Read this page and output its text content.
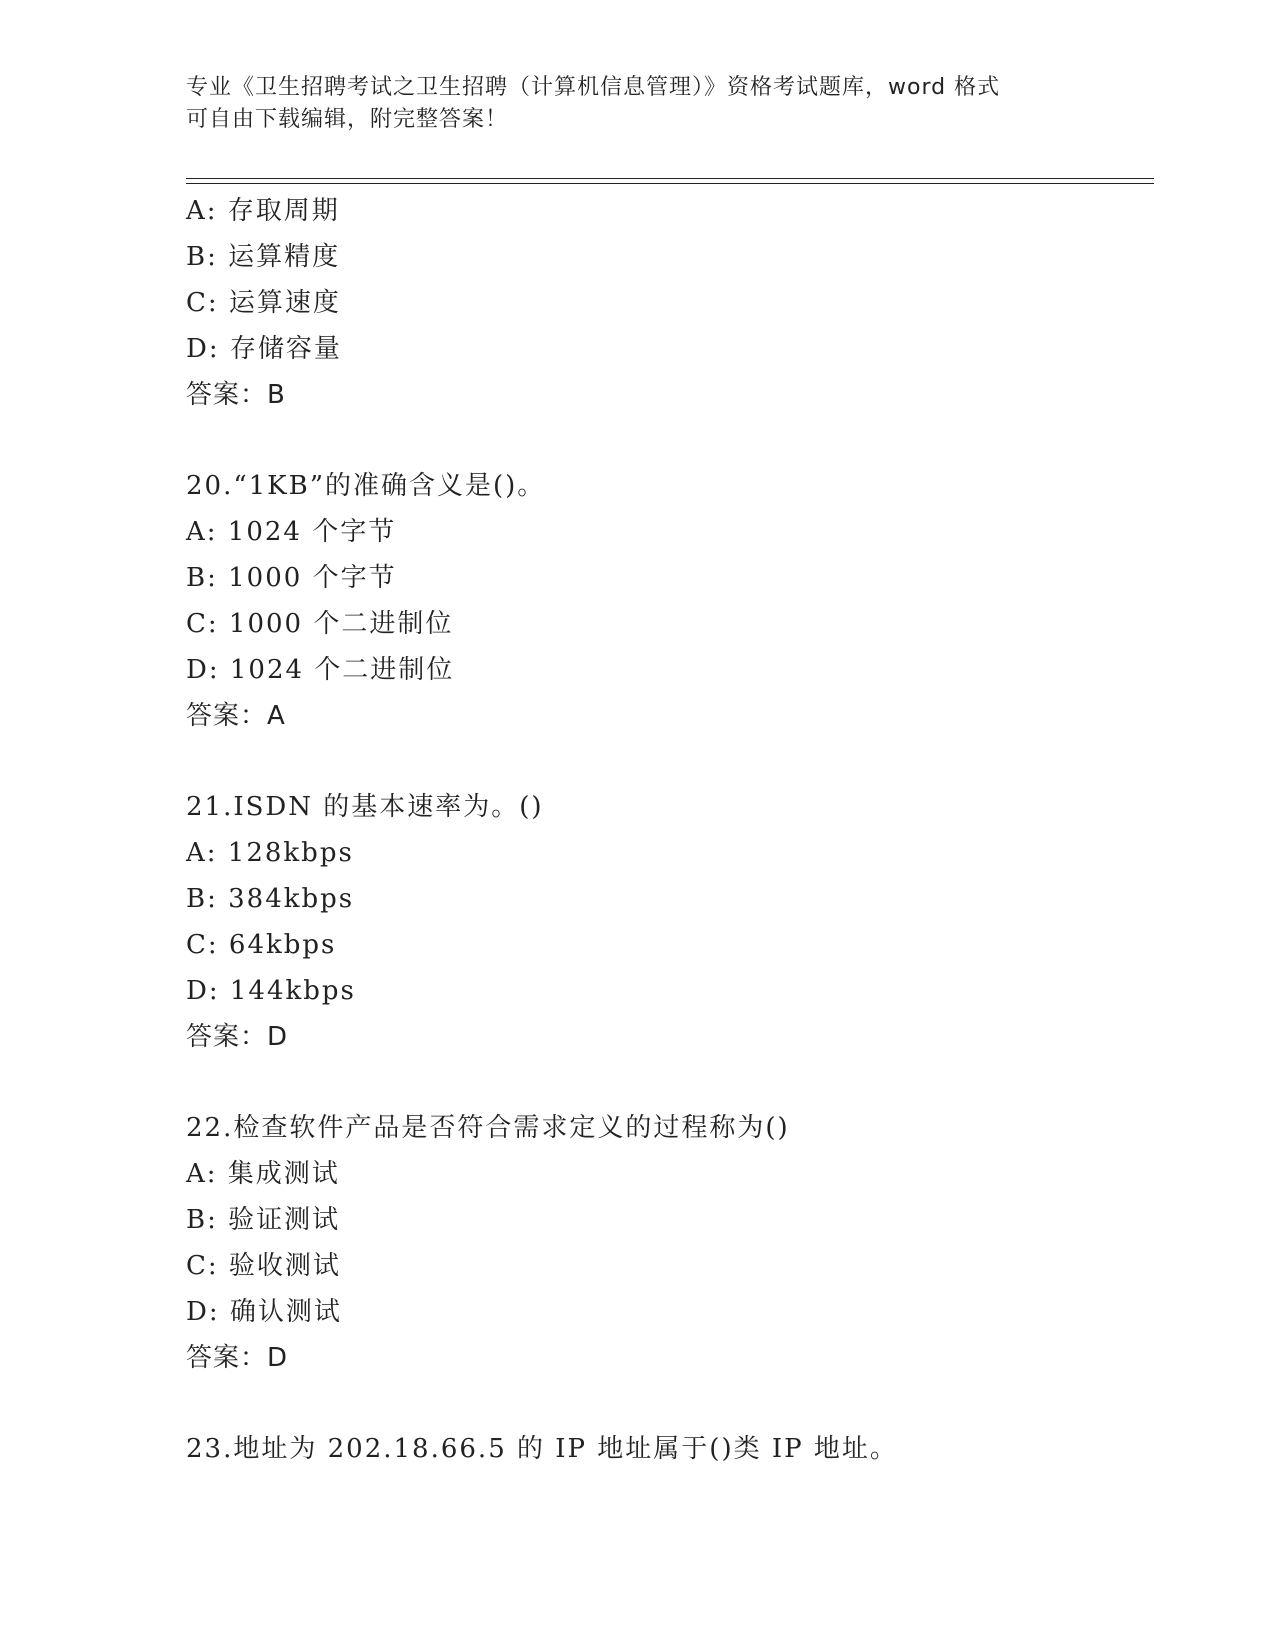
专业《卫生招聘考试之卫生招聘（计算机信息管理）》资格考试题库，word 格式
可自由下载编辑，附完整答案！
A: 存取周期
B: 运算精度
C: 运算速度
D: 存储容量
答案：B
20.“1KB”的准确含义是()。
A: 1024 个字节
B: 1000 个字节
C: 1000 个二进制位
D: 1024 个二进制位
答案：A
21.ISDN 的基本速率为。()
A: 128kbps
B: 384kbps
C: 64kbps
D: 144kbps
答案：D
22.检查软件产品是否符合需求定义的过程称为()
A: 集成测试
B: 验证测试
C: 验收测试
D: 确认测试
答案：D
23.地址为 202.18.66.5 的 IP 地址属于()类 IP 地址。
